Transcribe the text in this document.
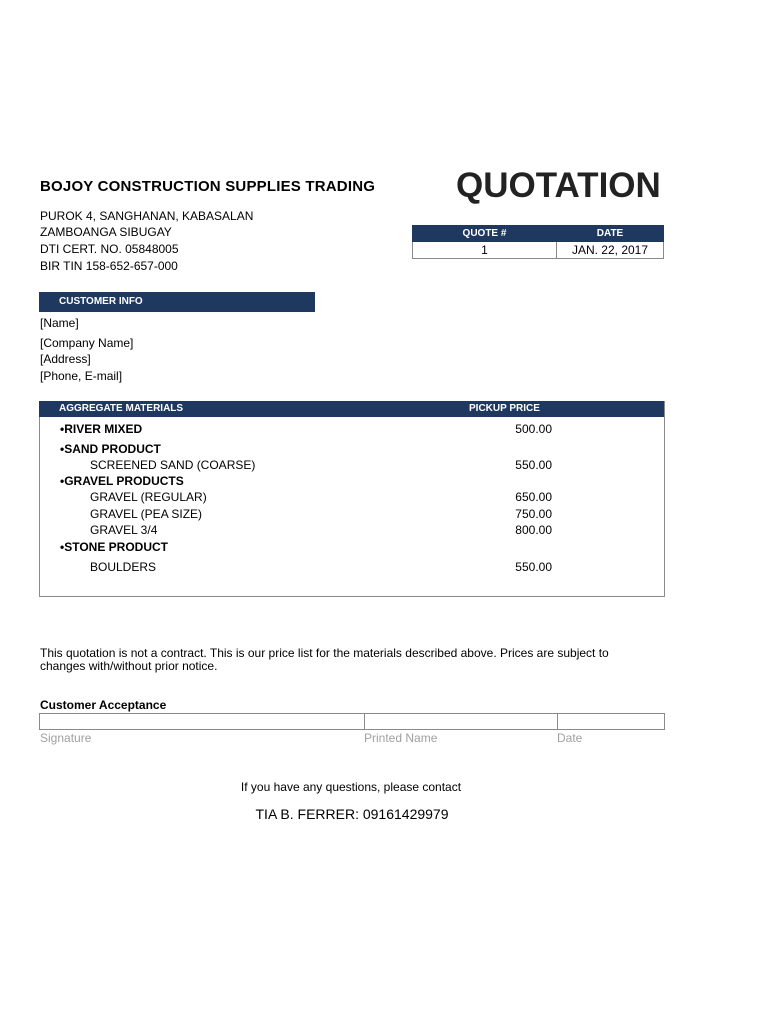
BOJOY CONSTRUCTION SUPPLIES TRADING QUOTATION
PUROK 4, SANGHANAN, KABASALAN
ZAMBOANGA SIBUGAY
DTI CERT. NO. 05848005
BIR TIN 158-652-657-000
QUOTE #	DATE
1	JAN. 22, 2017
CUSTOMER INFO
[Name]
[Company Name]
[Address]
[Phone, E-mail]
AGGREGATE MATERIALS	PICKUP PRICE
•RIVER MIXED	500.00
•SAND PRODUCT
SCREENED SAND (COARSE)	550.00
•GRAVEL PRODUCTS
GRAVEL (REGULAR)	650.00
GRAVEL (PEA SIZE)	750.00
GRAVEL 3/4	800.00
•STONE PRODUCT
BOULDERS	550.00
This quotation is not a contract. This is our price list for the materials described above. Prices are subject to changes with/without prior notice.
Customer Acceptance
Signature	Printed Name	Date
If you have any questions, please contact
TIA B. FERRER: 09161429979
